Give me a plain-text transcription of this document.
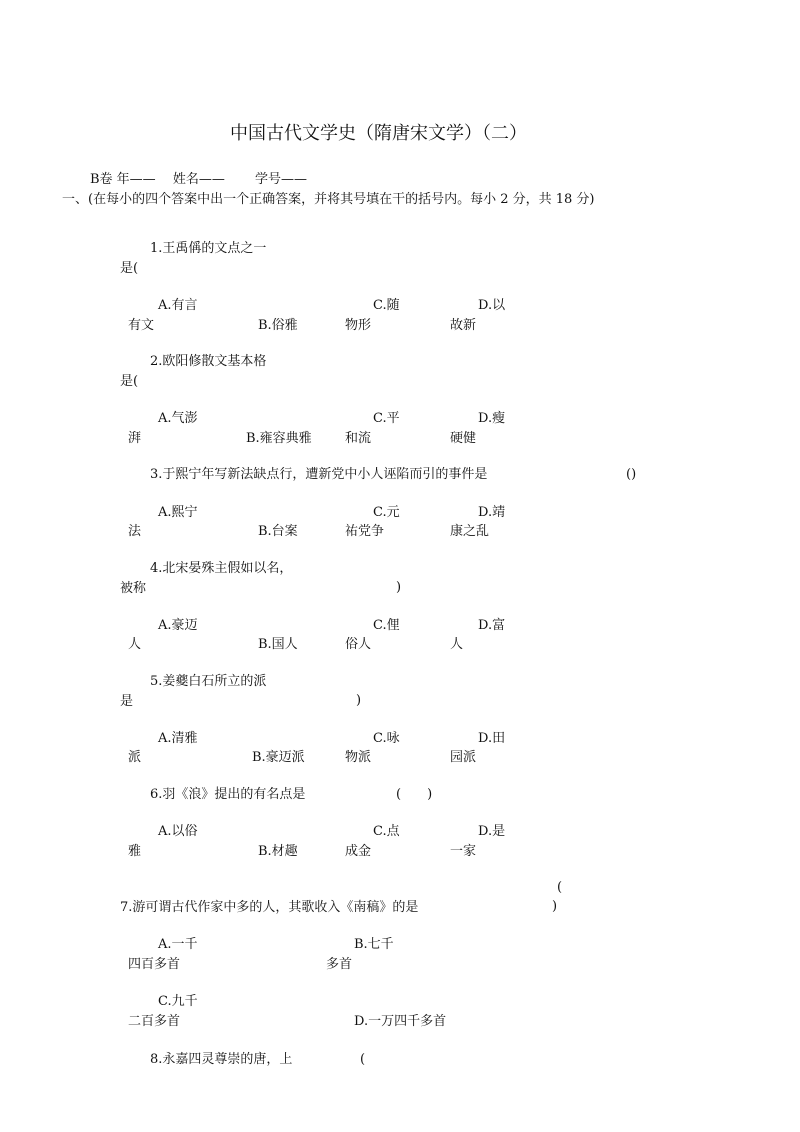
中国古代文学史（隋唐宋文学）（二）
B卷 年—— 　姓名—— 　　学号——
一、(在每小的四个答案中出一个正确答案，并将其号填在干的括号内。每小 2 分，共 18 分)
1.王禹偁的文点之一
是(
A.有言
有文	B.俗雅
C.随
物形
D.以
故新
2.欧阳修散文基本格
是(
A.气澎
湃	B.雍容典雅
C.平
和流
D.瘦
硬健
3.于熙宁年写新法缺点行，遭新党中小人诬陷而引的事件是	()
A.熙宁
法	B.台案
C.元
祐党争
D.靖
康之乱
4.北宋晏殊主假如以名，
被称	)
A.豪迈
人	B.国人
C.俚
俗人
D.富
人
5.姜夔白石所立的派
是	)
A.清雅
派	B.豪迈派
C.咏
物派
D.田
园派
6.羽《浪》提出的有名点是	(　　)
A.以俗
雅	B.材趣
C.点
成金
D.是
一家
(
7.游可谓古代作家中多的人，其歌收入《南稿》的是	)
A.一千
四百多首
B.七千
多首
C.九千
二百多首	D.一万四千多首
8.永嘉四灵尊崇的唐，上	(
